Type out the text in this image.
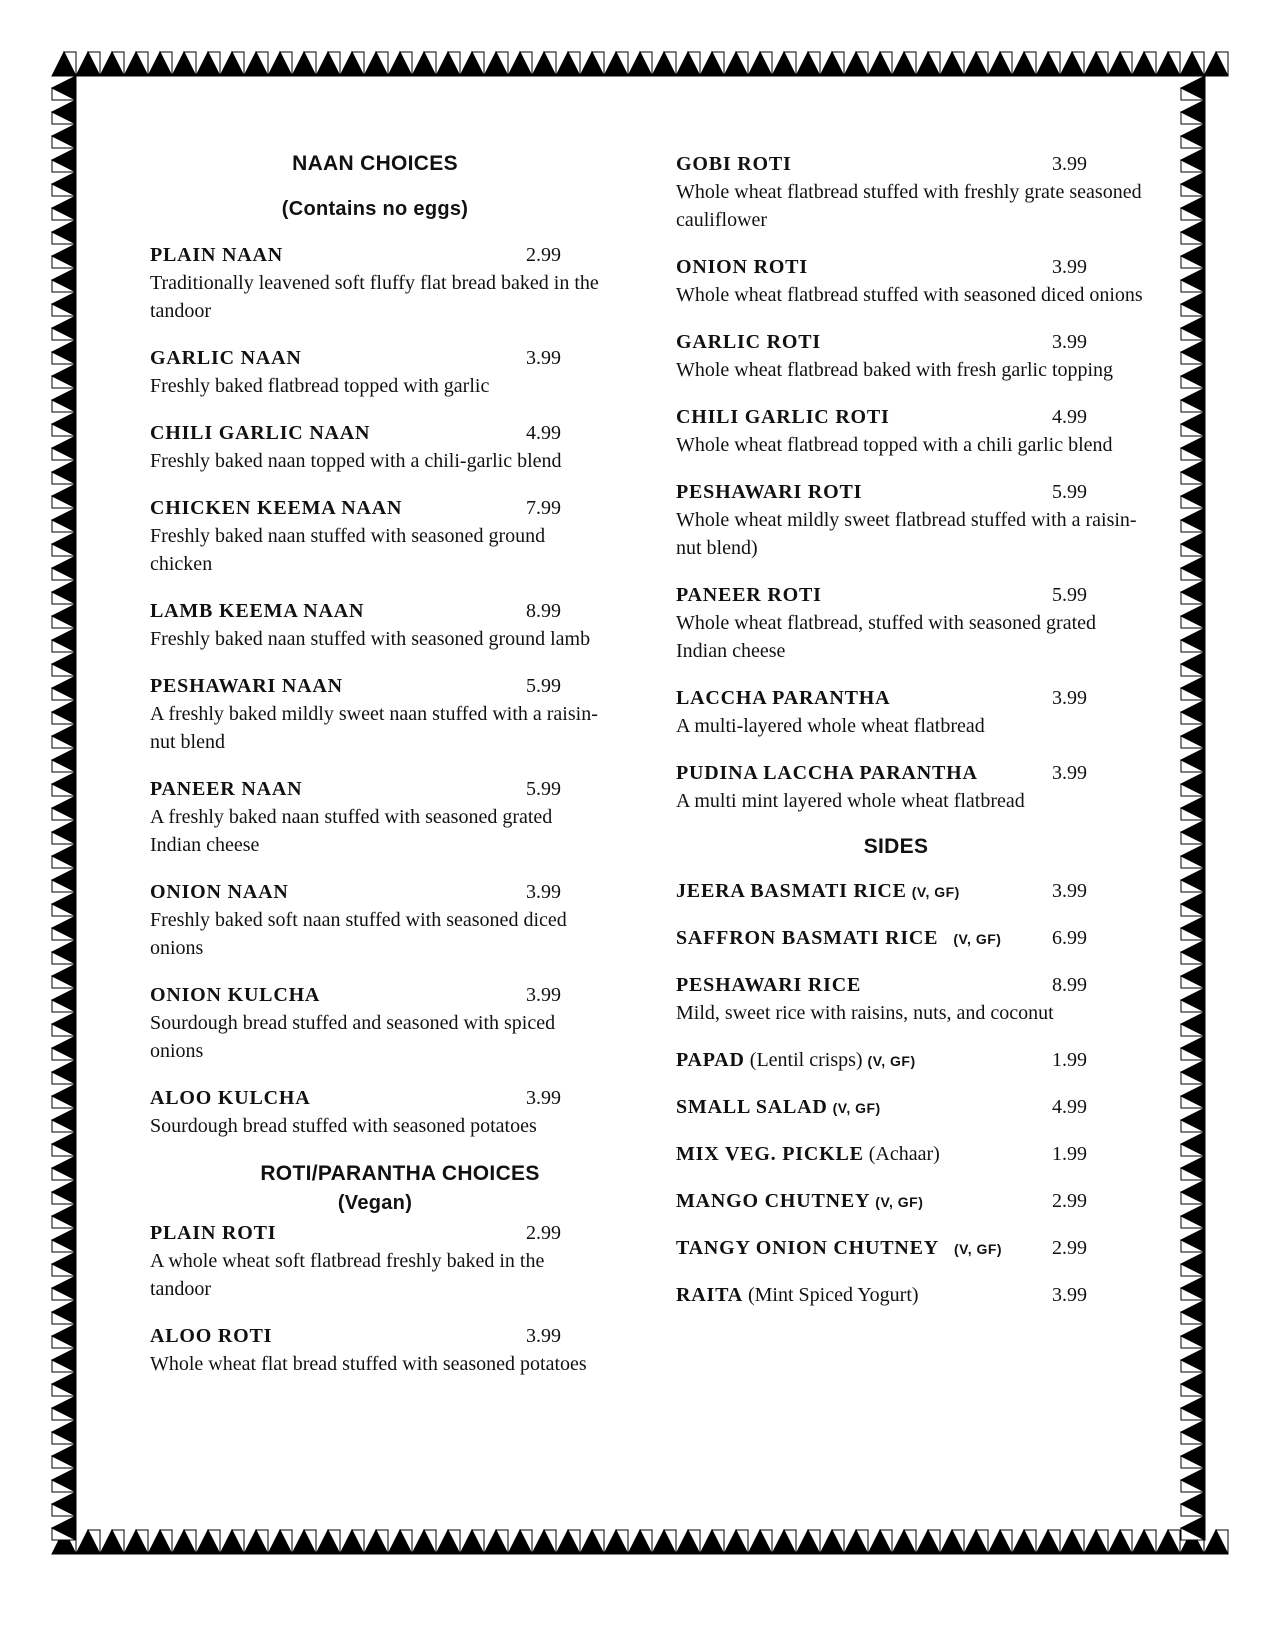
NAAN CHOICES
(Contains no eggs)
PLAIN NAAN	2.99
Traditionally leavened soft fluffy flat bread baked in the tandoor
GARLIC NAAN	3.99
Freshly baked flatbread topped with garlic
CHILI GARLIC NAAN	4.99
Freshly baked naan topped with a chili-garlic blend
CHICKEN KEEMA NAAN	7.99
Freshly baked naan stuffed with seasoned ground chicken
LAMB KEEMA NAAN	8.99
Freshly baked naan stuffed with seasoned ground lamb
PESHAWARI NAAN	5.99
A freshly baked mildly sweet naan stuffed with a raisin-nut blend
PANEER NAAN	5.99
A freshly baked naan stuffed with seasoned grated Indian cheese
ONION NAAN	3.99
Freshly baked soft naan stuffed with seasoned diced onions
ONION KULCHA	3.99
Sourdough bread stuffed and seasoned with spiced onions
ALOO KULCHA	3.99
Sourdough bread stuffed with seasoned potatoes
ROTI/PARANTHA CHOICES
(Vegan)
PLAIN ROTI	2.99
A whole wheat soft flatbread freshly baked in the tandoor
ALOO ROTI	3.99
Whole wheat flat bread stuffed with seasoned potatoes
GOBI ROTI	3.99
Whole wheat flatbread stuffed with freshly grate seasoned cauliflower
ONION ROTI	3.99
Whole wheat flatbread stuffed with seasoned diced onions
GARLIC ROTI	3.99
Whole wheat flatbread baked with fresh garlic topping
CHILI GARLIC ROTI	4.99
Whole wheat flatbread topped with a chili garlic blend
PESHAWARI ROTI	5.99
Whole wheat mildly sweet flatbread stuffed with a raisin-nut blend)
PANEER ROTI	5.99
Whole wheat flatbread, stuffed with seasoned grated Indian cheese
LACCHA PARANTHA	3.99
A multi-layered whole wheat flatbread
PUDINA LACCHA PARANTHA	3.99
A multi mint layered whole wheat flatbread
SIDES
JEERA BASMATI RICE (V, GF)	3.99
SAFFRON BASMATI RICE (V, GF)	6.99
PESHAWARI RICE	8.99
Mild, sweet rice with raisins, nuts, and coconut
PAPAD (Lentil crisps) (V, GF)	1.99
SMALL SALAD (V, GF)	4.99
MIX VEG. PICKLE (Achaar)	1.99
MANGO CHUTNEY (V, GF)	2.99
TANGY ONION CHUTNEY (V, GF) 2.99
RAITA (Mint Spiced Yogurt)	3.99
